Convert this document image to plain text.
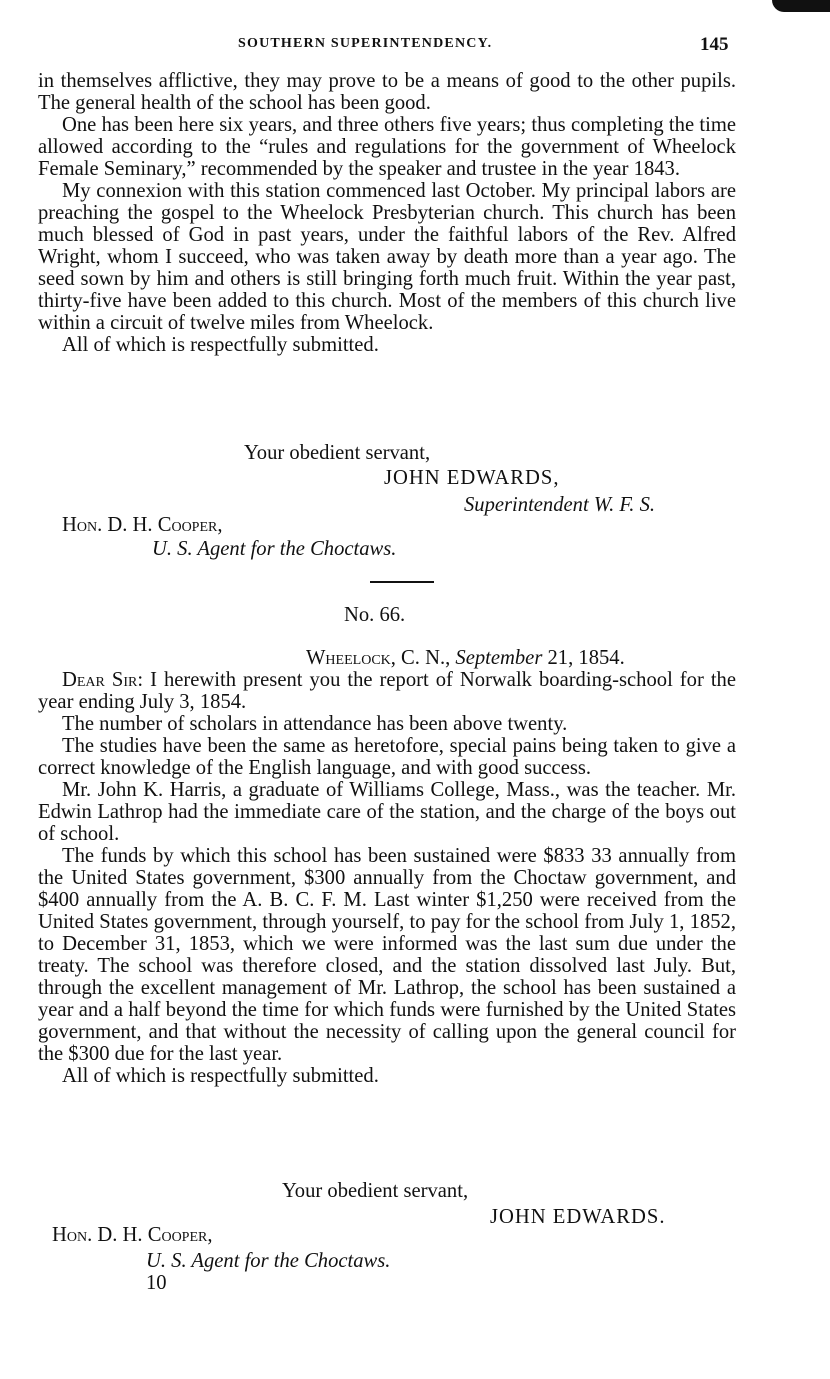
SOUTHERN SUPERINTENDENCY.	145

in themselves afflictive, they may prove to be a means of good to the other pupils. The general health of the school has been good.

One has been here six years, and three others five years; thus completing the time allowed according to the “rules and regulations for the government of Wheelock Female Seminary,” recommended by the speaker and trustee in the year 1843.

My connexion with this station commenced last October. My principal labors are preaching the gospel to the Wheelock Presbyterian church. This church has been much blessed of God in past years, under the faithful labors of the Rev. Alfred Wright, whom I succeed, who was taken away by death more than a year ago. The seed sown by him and others is still bringing forth much fruit. Within the year past, thirty-five have been added to this church. Most of the members of this church live within a circuit of twelve miles from Wheelock.

All of which is respectfully submitted.

Your obedient servant,
JOHN EDWARDS,
Superintendent W. F. S.
Hon. D. H. Cooper,
U. S. Agent for the Choctaws.
No. 66.
Wheelock, C. N., September 21, 1854.

Dear Sir: I herewith present you the report of Norwalk boarding-school for the year ending July 3, 1854.

The number of scholars in attendance has been above twenty.

The studies have been the same as heretofore, special pains being taken to give a correct knowledge of the English language, and with good success.

Mr. John K. Harris, a graduate of Williams College, Mass., was the teacher. Mr. Edwin Lathrop had the immediate care of the station, and the charge of the boys out of school.

The funds by which this school has been sustained were $833 33 annually from the United States government, $300 annually from the Choctaw government, and $400 annually from the A. B. C. F. M. Last winter $1,250 were received from the United States government, through yourself, to pay for the school from July 1, 1852, to December 31, 1853, which we were informed was the last sum due under the treaty. The school was therefore closed, and the station dissolved last July. But, through the excellent management of Mr. Lathrop, the school has been sustained a year and a half beyond the time for which funds were furnished by the United States government, and that without the necessity of calling upon the general council for the $300 due for the last year.

All of which is respectfully submitted.

Your obedient servant,
JOHN EDWARDS.
Hon. D. H. Cooper,
U. S. Agent for the Choctaws.
10
